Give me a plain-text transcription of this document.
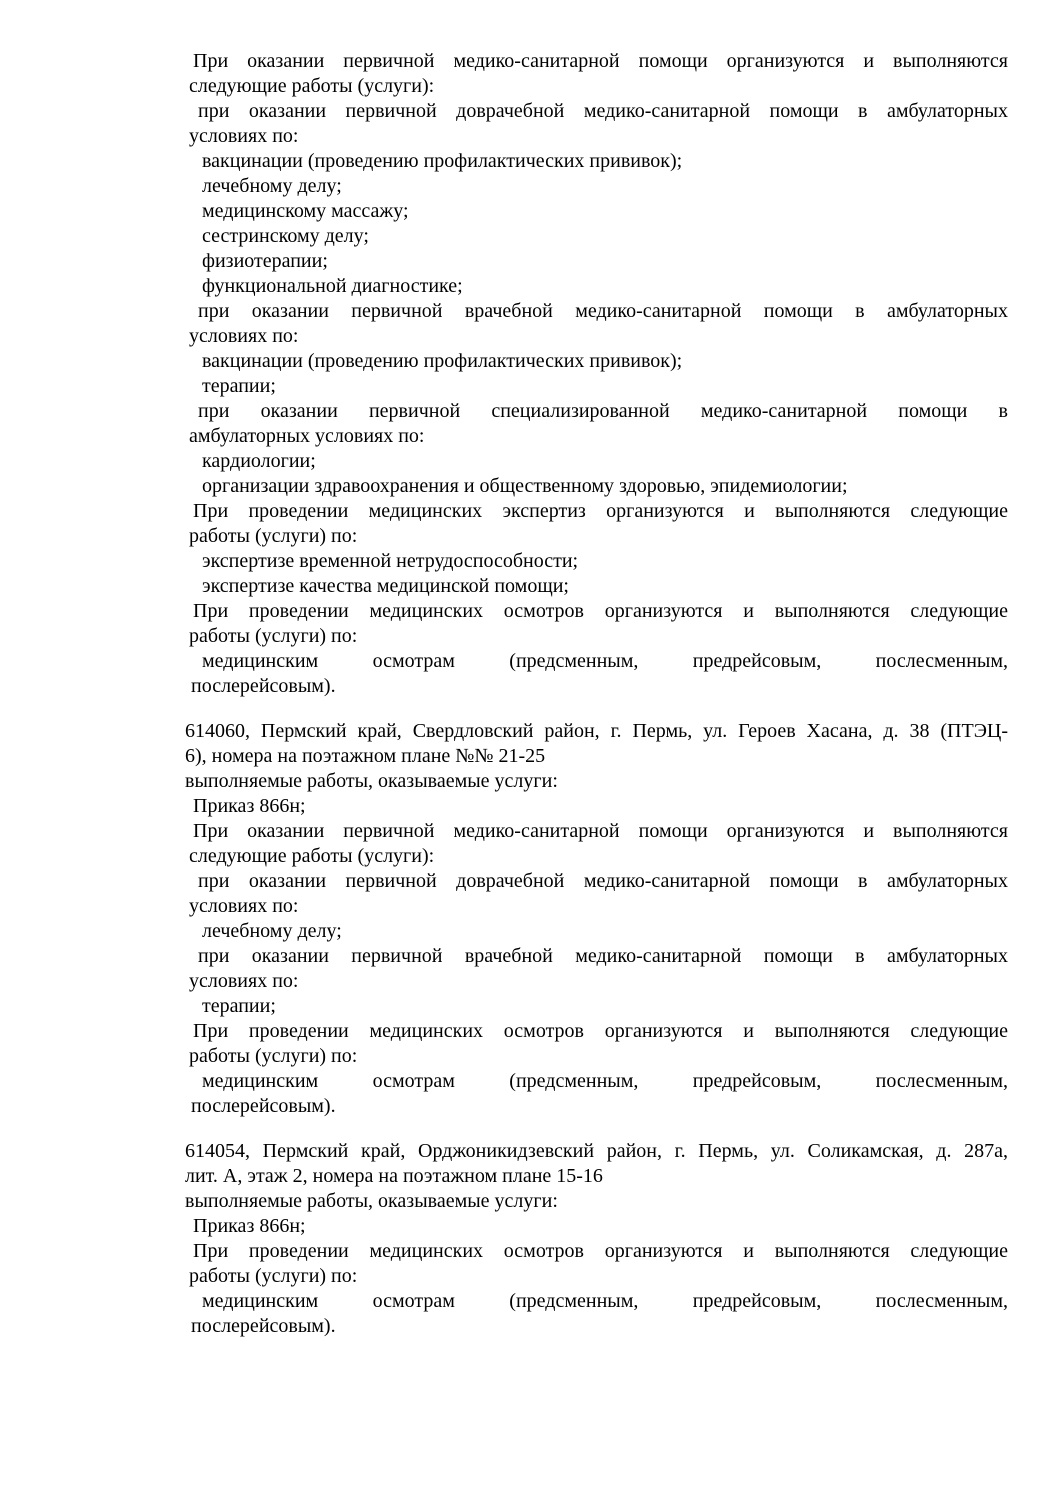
При оказании первичной медико-санитарной помощи организуются и выполняются
следующие работы (услуги):
при оказании первичной доврачебной медико-санитарной помощи в амбулаторных
условиях по:
вакцинации (проведению профилактических прививок);
лечебному делу;
медицинскому массажу;
сестринскому делу;
физиотерапии;
функциональной диагностике;
при оказании первичной врачебной медико-санитарной помощи в амбулаторных
условиях по:
вакцинации (проведению профилактических прививок);
терапии;
при оказании первичной специализированной медико-санитарной помощи в
амбулаторных условиях по:
кардиологии;
организации здравоохранения и общественному здоровью, эпидемиологии;
При проведении медицинских экспертиз организуются и выполняются следующие
работы (услуги) по:
экспертизе временной нетрудоспособности;
экспертизе качества медицинской помощи;
При проведении медицинских осмотров организуются и выполняются следующие
работы (услуги) по:
медицинским осмотрам (предсменным, предрейсовым, послесменным,
послерейсовым).
614060, Пермский край, Свердловский район, г. Пермь, ул. Героев Хасана, д. 38 (ПТЭЦ-
6), номера на поэтажном плане №№ 21-25
выполняемые работы, оказываемые услуги:
Приказ 866н;
При оказании первичной медико-санитарной помощи организуются и выполняются
следующие работы (услуги):
при оказании первичной доврачебной медико-санитарной помощи в амбулаторных
условиях по:
лечебному делу;
при оказании первичной врачебной медико-санитарной помощи в амбулаторных
условиях по:
терапии;
При проведении медицинских осмотров организуются и выполняются следующие
работы (услуги) по:
медицинским осмотрам (предсменным, предрейсовым, послесменным,
послерейсовым).
614054, Пермский край, Орджоникидзевский район, г. Пермь, ул. Соликамская, д. 287а,
лит. А, этаж 2, номера на поэтажном плане 15-16
выполняемые работы, оказываемые услуги:
Приказ 866н;
При проведении медицинских осмотров организуются и выполняются следующие
работы (услуги) по:
медицинским осмотрам (предсменным, предрейсовым, послесменным,
послерейсовым).
